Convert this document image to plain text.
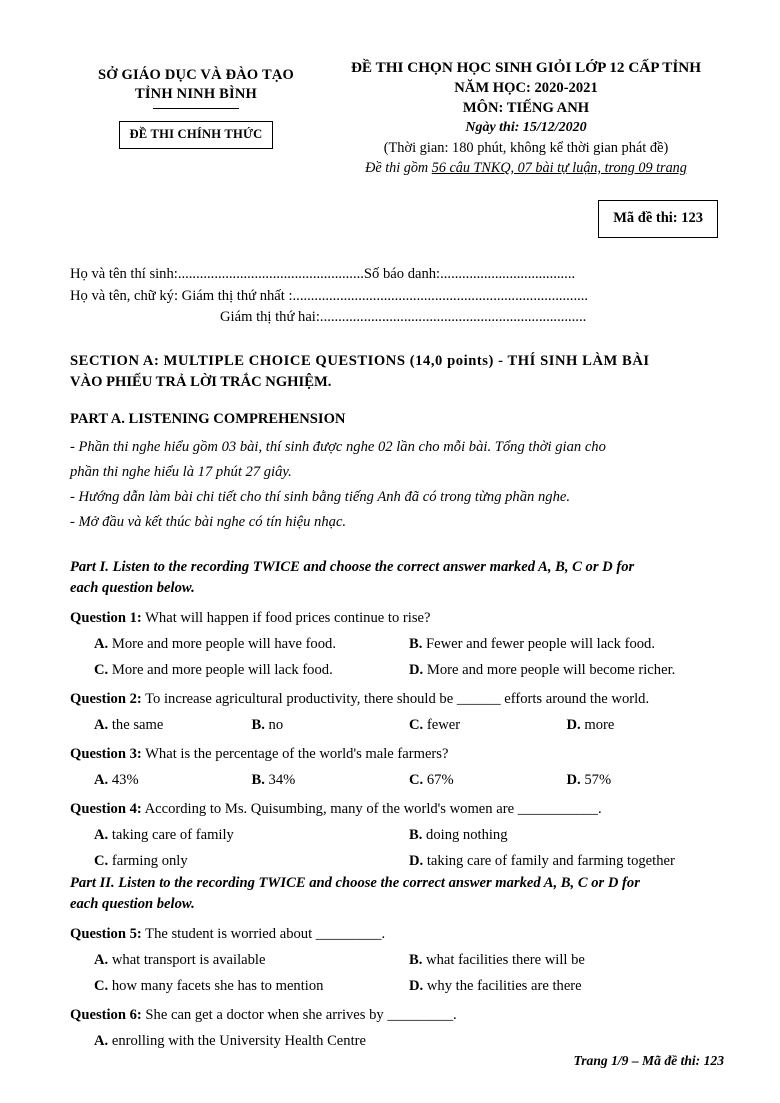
SỞ GIÁO DỤC VÀ ĐÀO TẠO
TỈNH NINH BÌNH
ĐỀ THI CHÍNH THỨC
ĐỀ THI CHỌN HỌC SINH GIỎI LỚP 12 CẤP TỈNH
NĂM HỌC: 2020-2021
MÔN: TIẾNG ANH
Ngày thi: 15/12/2020
(Thời gian: 180 phút, không kể thời gian phát đề)
Đề thi gồm 56 câu TNKQ, 07 bài tự luận, trong 09 trang
Mã đề thi: 123
Họ và tên thí sinh:...................................................Số báo danh:.....................................
Họ và tên, chữ ký: Giám thị thứ nhất :.................................................................................
Giám thị thứ hai:.........................................................................
SECTION A: MULTIPLE CHOICE QUESTIONS (14,0 points) - THÍ SINH LÀM BÀI
VÀO PHIẾU TRẢ LỜI TRẮC NGHIỆM.
PART A. LISTENING COMPREHENSION

- Phần thi nghe hiểu gồm 03 bài, thí sinh được nghe 02 lần cho mỗi bài. Tổng thời gian cho

phần thi nghe hiểu là 17 phút 27 giây.

- Hướng dẫn làm bài chi tiết cho thí sinh bằng tiếng Anh đã có trong từng phần nghe.

- Mở đầu và kết thúc bài nghe có tín hiệu nhạc.

Part I. Listen to the recording TWICE and choose the correct answer marked A, B, C or D for
each question below.
Question 1: What will happen if food prices continue to rise?
A. More and more people will have food.	B. Fewer and fewer people will lack food.
C. More and more people will lack food.	D. More and more people will become richer.
Question 2: To increase agricultural productivity, there should be ______ efforts around the world.
A. the same	B. no	C. fewer	D. more
Question 3: What is the percentage of the world's male farmers?
A. 43%	B. 34%	C. 67%	D. 57%
Question 4: According to Ms. Quisumbing, many of the world's women are ___________.
A. taking care of family	B. doing nothing
C. farming only	D. taking care of family and farming together
Part II. Listen to the recording TWICE and choose the correct answer marked A, B, C or D for
each question below.
Question 5: The student is worried about _________.
A. what transport is available	B. what facilities there will be
C. how many facets she has to mention	D. why the facilities are there
Question 6: She can get a doctor when she arrives by _________.
A. enrolling with the University Health Centre
Trang 1/9 – Mã đề thi: 123
